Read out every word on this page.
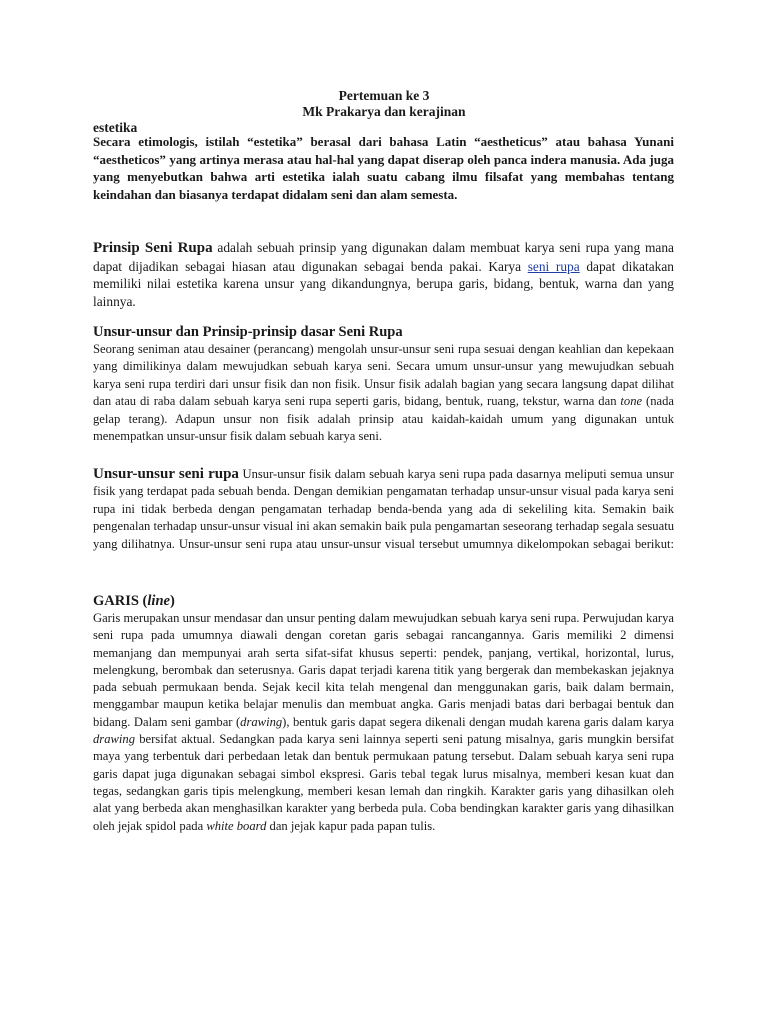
Pertemuan ke 3
Mk Prakarya dan kerajinan
estetika
Secara etimologis, istilah “estetika” berasal dari bahasa Latin “aestheticus” atau bahasa Yunani “aestheticos” yang artinya merasa atau hal-hal yang dapat diserap oleh panca indera manusia. Ada juga yang menyebutkan bahwa arti estetika ialah suatu cabang ilmu filsafat yang membahas tentang keindahan dan biasanya terdapat didalam seni dan alam semesta.
Prinsip Seni Rupa adalah sebuah prinsip yang digunakan dalam membuat karya seni rupa yang mana dapat dijadikan sebagai hiasan atau digunakan sebagai benda pakai. Karya seni rupa dapat dikatakan memiliki nilai estetika karena unsur yang dikandungnya, berupa garis, bidang, bentuk, warna dan yang lainnya.
Unsur-unsur dan Prinsip-prinsip dasar Seni Rupa
Seorang seniman atau desainer (perancang) mengolah unsur-unsur seni rupa sesuai dengan keahlian dan kepekaan yang dimilikinya dalam mewujudkan sebuah karya seni. Secara umum unsur-unsur yang mewujudkan sebuah karya seni rupa terdiri dari unsur fisik dan non fisik. Unsur fisik adalah bagian yang secara langsung dapat dilihat dan atau di raba dalam sebuah karya seni rupa seperti garis, bidang, bentuk, ruang, tekstur, warna dan tone (nada gelap terang). Adapun unsur non fisik adalah prinsip atau kaidah-kaidah umum yang digunakan untuk menempatkan unsur-unsur fisik dalam sebuah karya seni.
Unsur-unsur seni rupa Unsur-unsur fisik dalam sebuah karya seni rupa pada dasarnya meliputi semua unsur fisik yang terdapat pada sebuah benda. Dengan demikian pengamatan terhadap unsur-unsur visual pada karya seni rupa ini tidak berbeda dengan pengamatan terhadap benda-benda yang ada di sekeliling kita. Semakin baik pengenalan terhadap unsur-unsur visual ini akan semakin baik pula pengamartan seseorang terhadap segala sesuatu yang dilihatnya. Unsur-unsur seni rupa atau unsur-unsur visual tersebut umumnya dikelompokan sebagai berikut:
GARIS (line)
Garis merupakan unsur mendasar dan unsur penting dalam mewujudkan sebuah karya seni rupa. Perwujudan karya seni rupa pada umumnya diawali dengan coretan garis sebagai rancangannya. Garis memiliki 2 dimensi memanjang dan mempunyai arah serta sifat-sifat khusus seperti: pendek, panjang, vertikal, horizontal, lurus, melengkung, berombak dan seterusnya. Garis dapat terjadi karena titik yang bergerak dan membekaskan jejaknya pada sebuah permukaan benda. Sejak kecil kita telah mengenal dan menggunakan garis, baik dalam bermain, menggambar maupun ketika belajar menulis dan membuat angka. Garis menjadi batas dari berbagai bentuk dan bidang. Dalam seni gambar (drawing), bentuk garis dapat segera dikenali dengan mudah karena garis dalam karya drawing bersifat aktual. Sedangkan pada karya seni lainnya seperti seni patung misalnya, garis mungkin bersifat maya yang terbentuk dari perbedaan letak dan bentuk permukaan patung tersebut. Dalam sebuah karya seni rupa garis dapat juga digunakan sebagai simbol ekspresi. Garis tebal tegak lurus misalnya, memberi kesan kuat dan tegas, sedangkan garis tipis melengkung, memberi kesan lemah dan ringkih. Karakter garis yang dihasilkan oleh alat yang berbeda akan menghasilkan karakter yang berbeda pula. Coba bendingkan karakter garis yang dihasilkan oleh jejak spidol pada white board dan jejak kapur pada papan tulis.
